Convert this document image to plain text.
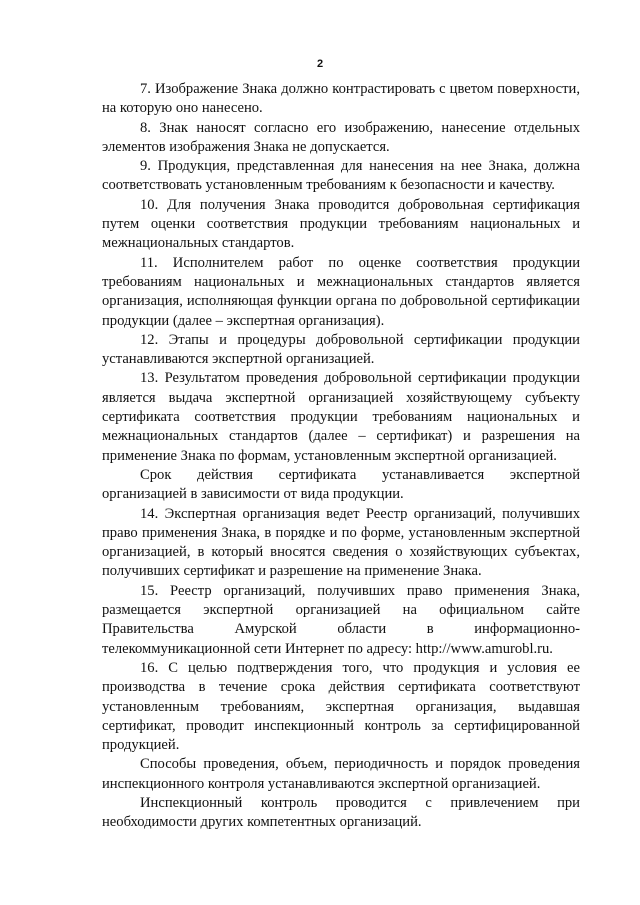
2

7. Изображение Знака должно контрастировать с цветом поверхности, на которую оно нанесено.

8. Знак наносят согласно его изображению, нанесение отдельных элементов изображения Знака не допускается.

9. Продукция, представленная для нанесения на нее Знака, должна соответствовать установленным требованиям к безопасности и качеству.

10. Для получения Знака проводится добровольная сертификация путем оценки соответствия продукции требованиям национальных и межнациональных стандартов.

11. Исполнителем работ по оценке соответствия продукции требованиям национальных и межнациональных стандартов является организация, исполняющая функции органа по добровольной сертификации продукции (далее – экспертная организация).

12. Этапы и процедуры добровольной сертификации продукции устанавливаются экспертной организацией.

13. Результатом проведения добровольной сертификации продукции является выдача экспертной организацией хозяйствующему субъекту сертификата соответствия продукции требованиям национальных и межнациональных стандартов (далее – сертификат) и разрешения на применение Знака по формам, установленным экспертной организацией.

Срок действия сертификата устанавливается экспертной организацией в зависимости от вида продукции.

14. Экспертная организация ведет Реестр организаций, получивших право применения Знака, в порядке и по форме, установленным экспертной организацией, в который вносятся сведения о хозяйствующих субъектах, получивших сертификат и разрешение на применение Знака.

15. Реестр организаций, получивших право применения Знака, размещается экспертной организацией на официальном сайте Правительства Амурской области в информационно-телекоммуникационной сети Интернет по адресу: http://www.amurobl.ru.

16. С целью подтверждения того, что продукция и условия ее производства в течение срока действия сертификата соответствуют установленным требованиям, экспертная организация, выдавшая сертификат, проводит инспекционный контроль за сертифицированной продукцией.

Способы проведения, объем, периодичность и порядок проведения инспекционного контроля устанавливаются экспертной организацией.

Инспекционный контроль проводится с привлечением при необходимости других компетентных организаций.
